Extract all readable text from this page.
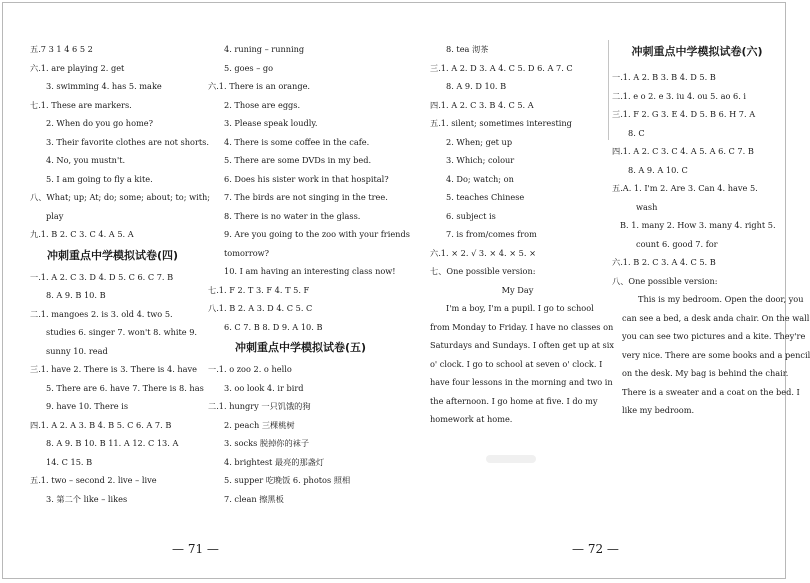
五.7 3 1 4 6 5 2
六.1. are playing 2. get
3. swimming 4. has 5. make
七.1. These are markers.
2. When do you go home?
3. Their favorite clothes are not shorts.
4. No, you mustn't.
5. I am going to fly a kite.
八、What; up; At; do; some; about; to; with;
play
九.1. B 2. C 3. C 4. A 5. A
冲刺重点中学模拟试卷(四)
一.1. A 2. C 3. D 4. D 5. C 6. C 7. B
8. A 9. B 10. B
二.1. mangoes 2. is 3. old 4. two 5.
studies 6. singer 7. won't 8. white 9.
sunny 10. read
三.1. have 2. There is 3. There is 4. have
5. There are 6. have 7. There is 8. has
9. have 10. There is
四.1. A 2. A 3. B 4. B 5. C 6. A 7. B
8. A 9. B 10. B 11. A 12. C 13. A
14. C 15. B
五.1. two – second 2. live – live
3. 第二个 like – likes
4. runing – running
5. goes – go
六.1. There is an orange.
2. Those are eggs.
3. Please speak loudly.
4. There is some coffee in the cafe.
5. There are some DVDs in my bed.
6. Does his sister work in that hospital?
7. The birds are not singing in the tree.
8. There is no water in the glass.
9. Are you going to the zoo with your friends
tomorrow?
10. I am having an interesting class now!
七.1. F 2. T 3. F 4. T 5. F
八.1. B 2. A 3. D 4. C 5. C
6. C 7. B 8. D 9. A 10. B
冲刺重点中学模拟试卷(五)
一.1. o zoo 2. o hello
3. oo look 4. ir bird
二.1. hungry 一只饥饿的狗
2. peach 三棵桃树
3. socks 脱掉你的袜子
4. brightest 最亮的那盏灯
5. supper 吃晚饭 6. photos 照相
7. clean 擦黑板
— 71 —
8. tea 沏茶
三.1. A 2. D 3. A 4. C 5. D 6. A 7. C
8. A 9. D 10. B
四.1. A 2. C 3. B 4. C 5. A
五.1. silent; sometimes interesting
2. When; get up
3. Which; colour
4. Do; watch; on
5. teaches Chinese
6. subject is
7. is from/comes from
六.1. × 2. √ 3. × 4. × 5. ×
七、One possible version:
My Day
I'm a boy, I'm a pupil. I go to school
from Monday to Friday. I have no classes on
Saturdays and Sundays. I often get up at six
o' clock. I go to school at seven o' clock. I
have four lessons in the morning and two in
the afternoon. I go home at five. I do my
homework at home.
冲刺重点中学模拟试卷(六)
一.1. A 2. B 3. B 4. D 5. B
二.1. e o 2. e 3. iu 4. ou 5. ao 6. i
三.1. F 2. G 3. E 4. D 5. B 6. H 7. A
8. C
四.1. A 2. C 3. C 4. A 5. A 6. C 7. B
8. A 9. A 10. C
五.A. 1. I'm 2. Are 3. Can 4. have 5.
wash
B. 1. many 2. How 3. many 4. right 5.
count 6. good 7. for
六.1. B 2. C 3. A 4. C 5. B
八、One possible version:
This is my bedroom. Open the door, you
can see a bed, a desk anda chair. On the wall
you can see two pictures and a kite. They're
very nice. There are some books and a pencil
on the desk. My bag is behind the chair.
There is a sweater and a coat on the bed. I
like my bedroom.
— 72 —
